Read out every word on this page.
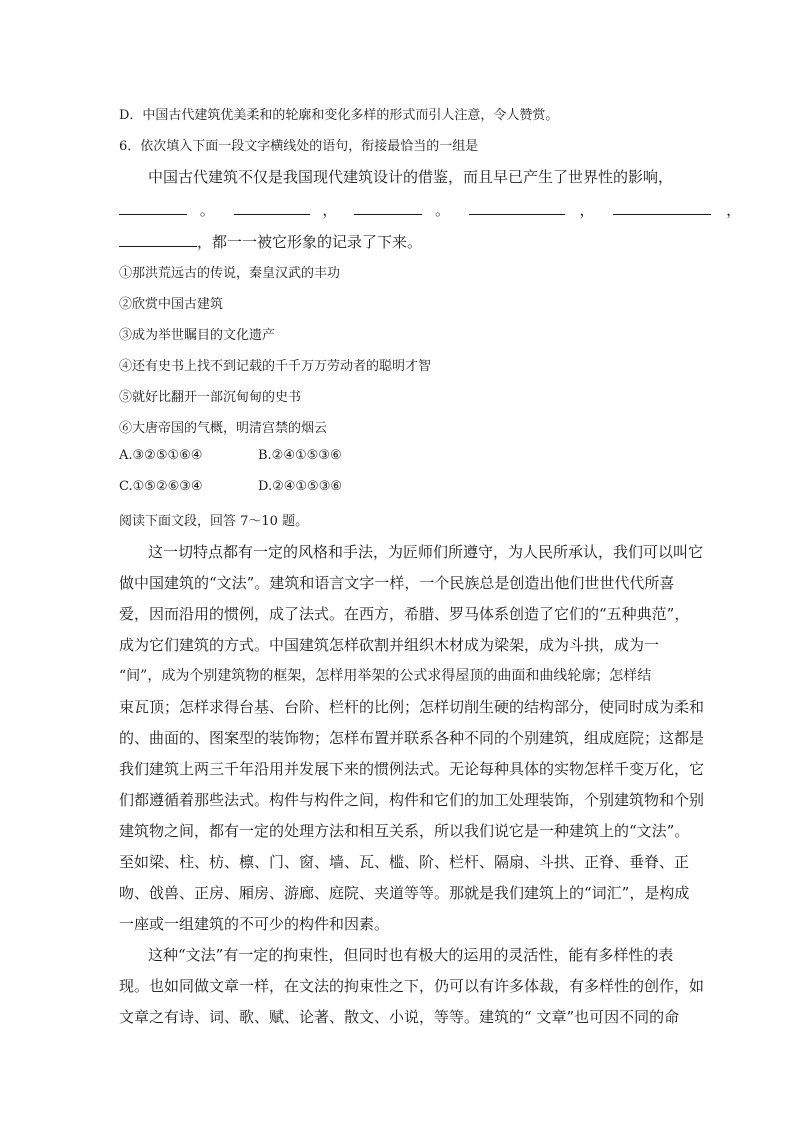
D．中国古代建筑优美柔和的轮廓和变化多样的形式而引人注意，令人赞赏。
6．依次填入下面一段文字横线处的语句，衔接最恰当的一组是
中国古代建筑不仅是我国现代建筑设计的借鉴，而且早已产生了世界性的影响，
。	，	。	，	，
，都一一被它形象的记录了下来。
①那洪荒远古的传说，秦皇汉武的丰功
②欣赏中国古建筑
③成为举世瞩目的文化遗产
④还有史书上找不到记载的千千万万劳动者的聪明才智
⑤就好比翻开一部沉甸甸的史书
⑥大唐帝国的气概，明清宫禁的烟云
A.③②⑤①⑥④	B.②④①⑤③⑥
C.①⑤②⑥③④	D.②④①⑤③⑥
阅读下面文段，回答 7～10 题。
这一切特点都有一定的风格和手法，为匠师们所遵守，为人民所承认，我们可以叫它
做中国建筑的“文法”。建筑和语言文字一样，一个民族总是创造出他们世世代代所喜
爱，因而沿用的惯例，成了法式。在西方，希腊、罗马体系创造了它们的“五种典范”，
成为它们建筑的方式。中国建筑怎样砍割并组织木材成为梁架，成为斗拱，成为一
“间”，成为个别建筑物的框架，怎样用举架的公式求得屋顶的曲面和曲线轮廓；怎样结
束瓦顶；怎样求得台基、台阶、栏杆的比例；怎样切削生硬的结构部分，使同时成为柔和
的、曲面的、图案型的装饰物；怎样布置并联系各种不同的个别建筑，组成庭院；这都是
我们建筑上两三千年沿用并发展下来的惯例法式。无论每种具体的实物怎样千变万化，它
们都遵循着那些法式。构件与构件之间，构件和它们的加工处理装饰，个别建筑物和个别
建筑物之间，都有一定的处理方法和相互关系，所以我们说它是一种建筑上的“文法”。
至如梁、柱、枋、檩、门、窗、墙、瓦、槛、阶、栏杆、隔扇、斗拱、正脊、垂脊、正
吻、戗兽、正房、厢房、游廊、庭院、夹道等等。那就是我们建筑上的“词汇”，是构成
一座或一组建筑的不可少的构件和因素。
这种“文法”有一定的拘束性，但同时也有极大的运用的灵活性，能有多样性的表
现。也如同做文章一样，在文法的拘束性之下，仍可以有许多体裁，有多样性的创作，如
文章之有诗、词、歌、赋、论著、散文、小说，等等。建筑的“ 文章”也可因不同的命
